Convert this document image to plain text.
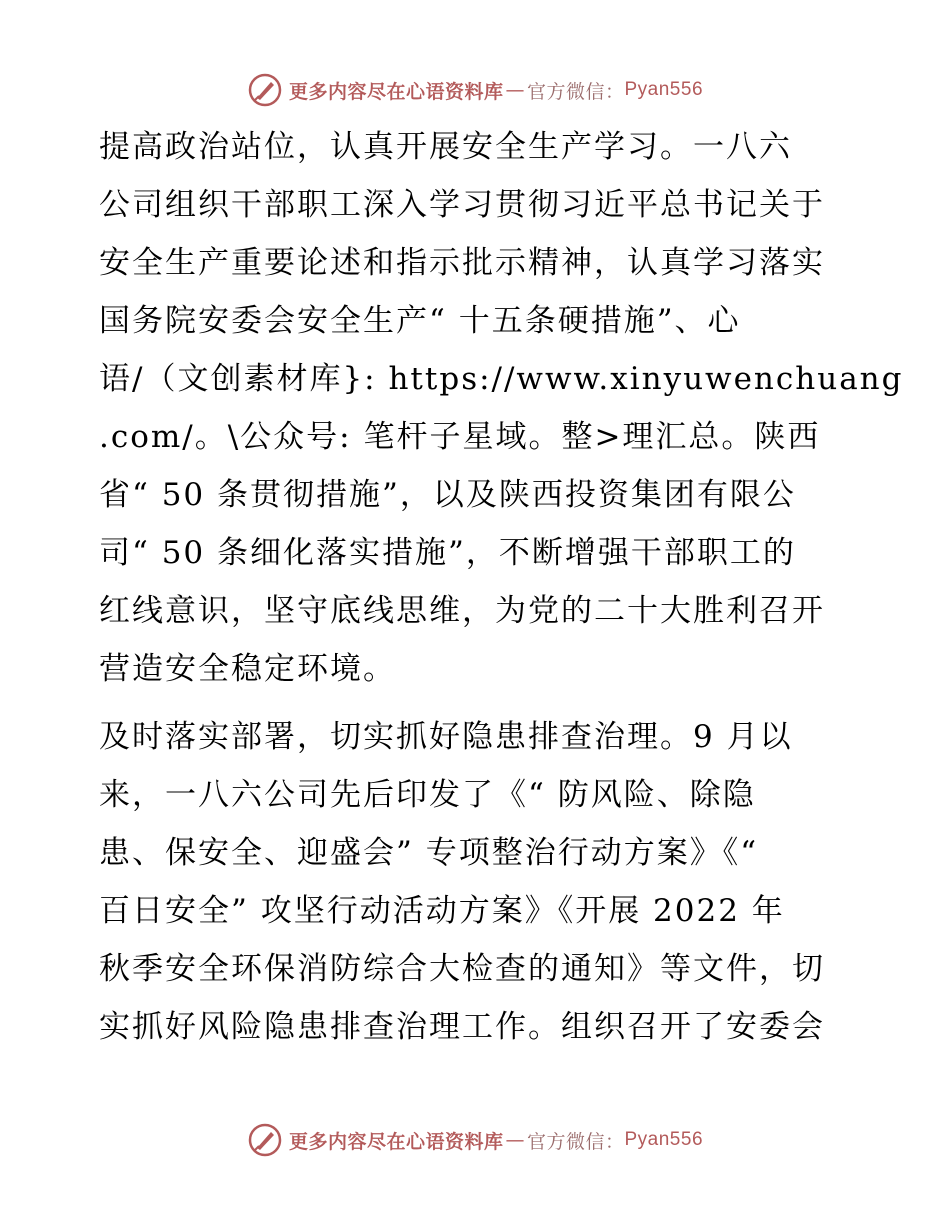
更多内容尽在心语资料库 — 官方微信： Pyan556

提高政治站位，认真开展安全生产学习。一八六
公司组织干部职工深入学习贯彻习近平总书记关于
安全生产重要论述和指示批示精神，认真学习落实
国务院安委会安全生产“ 十五条硬措施”、心
语/（文创素材库}: https://www.xinyuwenchuang
.com/。\公众号: 笔杆子星域。整>理汇总。陕西
省“ 50 条贯彻措施”，以及陕西投资集团有限公
司“ 50 条细化落实措施”，不断增强干部职工的
红线意识，坚守底线思维，为党的二十大胜利召开
营造安全稳定环境。

及时落实部署，切实抓好隐患排查治理。9 月以
来，一八六公司先后印发了《“ 防风险、除隐
患、保安全、迎盛会” 专项整治行动方案》《“
百日安全” 攻坚行动活动方案》《开展 2022 年
秋季安全环保消防综合大检查的通知》等文件，切
实抓好风险隐患排查治理工作。组织召开了安委会

更多内容尽在心语资料库 — 官方微信： Pyan556
